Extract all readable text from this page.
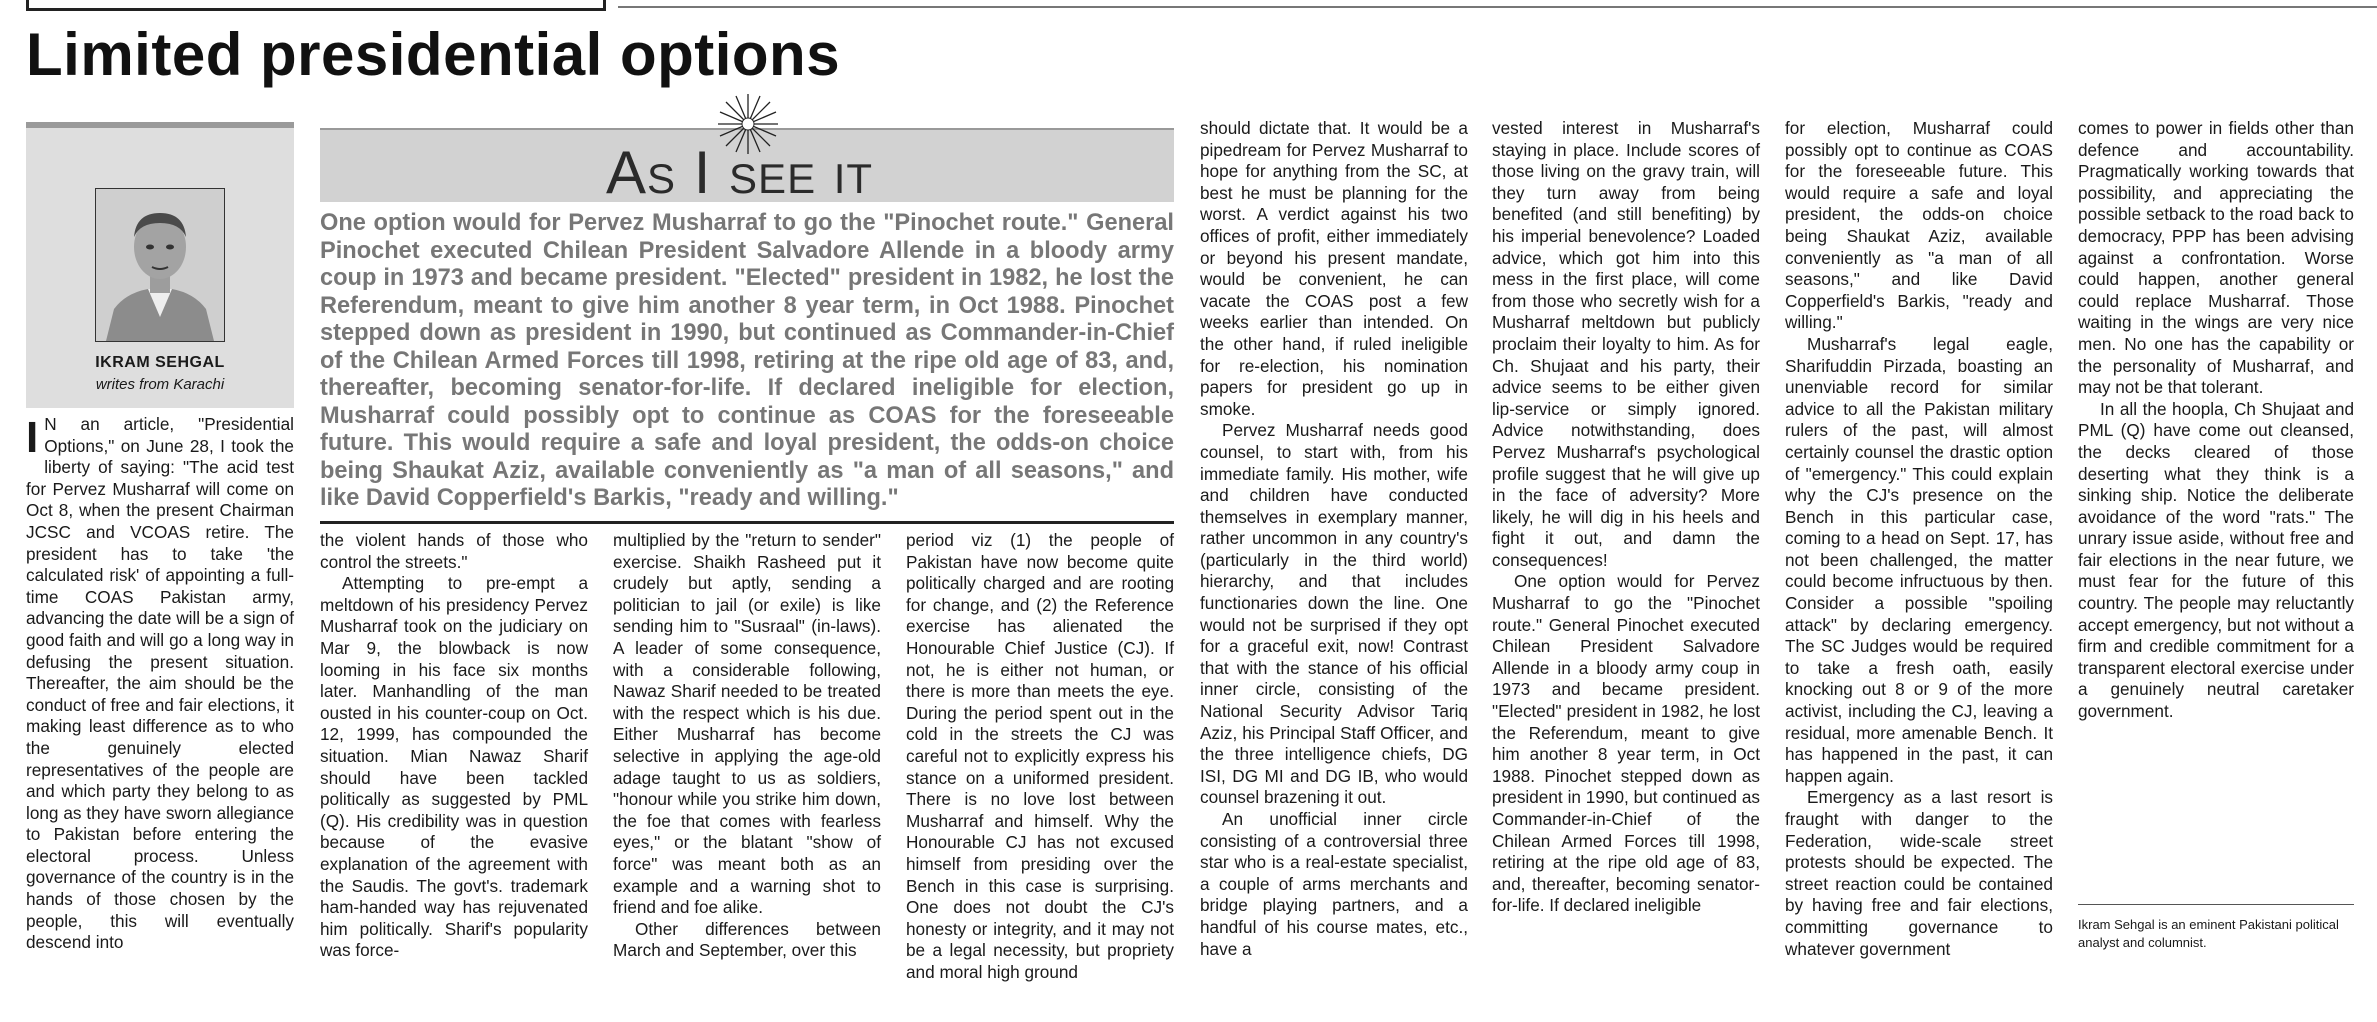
Limited presidential options
IKRAM SEHGAL
writes from Karachi
As I see it
One option would for Pervez Musharraf to go the "Pinochet route." General Pinochet executed Chilean President Salvadore Allende in a bloody army coup in 1973 and became president. "Elected" president in 1982, he lost the Referendum, meant to give him another 8 year term, in Oct 1988. Pinochet stepped down as president in 1990, but continued as Commander-in-Chief of the Chilean Armed Forces till 1998, retiring at the ripe old age of 83, and, thereafter, becoming senator-for-life. If declared ineligible for election, Musharraf could possibly opt to continue as COAS for the foreseeable future. This would require a safe and loyal president, the odds-on choice being Shaukat Aziz, available conveniently as "a man of all seasons," and like David Copperfield's Barkis, "ready and willing."

I N an article, "Presidential Options," on June 28, I took the liberty of saying: "The acid test for Pervez Musharraf will come on Oct 8, when the present Chairman JCSC and VCOAS retire. The president has to take 'the calculated risk' of appointing a full-time COAS Pakistan army, advancing the date will be a sign of good faith and will go a long way in defusing the present situation. Thereafter, the aim should be the conduct of free and fair elections, it making least difference as to who the genuinely elected representatives of the people are and which party they belong to as long as they have sworn allegiance to Pakistan before entering the electoral process. Unless governance of the country is in the hands of those chosen by the people, this will eventually descend into

the violent hands of those who control the streets."

Attempting to pre-empt a meltdown of his presidency Pervez Musharraf took on the judiciary on Mar 9, the blowback is now looming in his face six months later. Manhandling of the man ousted in his counter-coup on Oct. 12, 1999, has compounded the situation. Mian Nawaz Sharif should have been tackled politically as suggested by PML (Q). His credibility was in question because of the evasive explanation of the agreement with the Saudis. The govt's. trademark ham-handed way has rejuvenated him politically. Sharif's popularity was force-

multiplied by the "return to sender" exercise. Shaikh Rasheed put it crudely but aptly, sending a politician to jail (or exile) is like sending him to "Susraal" (in-laws). A leader of some consequence, with a considerable following, Nawaz Sharif needed to be treated with the respect which is his due. Either Musharraf has become selective in applying the age-old adage taught to us as soldiers, "honour while you strike him down, the foe that comes with fearless eyes," or the blatant "show of force" was meant both as an example and a warning shot to friend and foe alike.

Other differences between March and September, over this

period viz (1) the people of Pakistan have now become quite politically charged and are rooting for change, and (2) the Reference exercise has alienated the Honourable Chief Justice (CJ). If not, he is either not human, or there is more than meets the eye. During the period spent out in the cold in the streets the CJ was careful not to explicitly express his stance on a uniformed president. There is no love lost between Musharraf and himself. Why the Honourable CJ has not excused himself from presiding over the Bench in this case is surprising. One does not doubt the CJ's honesty or integrity, and it may not be a legal necessity, but propriety and moral high ground

should dictate that. It would be a pipedream for Pervez Musharraf to hope for anything from the SC, at best he must be planning for the worst. A verdict against his two offices of profit, either immediately or beyond his present mandate, would be convenient, he can vacate the COAS post a few weeks earlier than intended. On the other hand, if ruled ineligible for re-election, his nomination papers for president go up in smoke.

Pervez Musharraf needs good counsel, to start with, from his immediate family. His mother, wife and children have conducted themselves in exemplary manner, rather uncommon in any country's (particularly in the third world) hierarchy, and that includes functionaries down the line. One would not be surprised if they opt for a graceful exit, now! Contrast that with the stance of his official inner circle, consisting of the National Security Advisor Tariq Aziz, his Principal Staff Officer, and the three intelligence chiefs, DG ISI, DG MI and DG IB, who would counsel brazening it out.

An unofficial inner circle consisting of a controversial three star who is a real-estate specialist, a couple of arms merchants and bridge playing partners, and a handful of his course mates, etc., have a

vested interest in Musharraf's staying in place. Include scores of those living on the gravy train, will they turn away from being benefited (and still benefiting) by his imperial benevolence? Loaded advice, which got him into this mess in the first place, will come from those who secretly wish for a Musharraf meltdown but publicly proclaim their loyalty to him. As for Ch. Shujaat and his party, their advice seems to be either given lip-service or simply ignored. Advice notwithstanding, does Pervez Musharraf's psychological profile suggest that he will give up in the face of adversity? More likely, he will dig in his heels and fight it out, and damn the consequences!

One option would for Pervez Musharraf to go the "Pinochet route." General Pinochet executed Chilean President Salvadore Allende in a bloody army coup in 1973 and became president. "Elected" president in 1982, he lost the Referendum, meant to give him another 8 year term, in Oct 1988. Pinochet stepped down as president in 1990, but continued as Commander-in-Chief of the Chilean Armed Forces till 1998, retiring at the ripe old age of 83, and, thereafter, becoming senator-for-life. If declared ineligible

for election, Musharraf could possibly opt to continue as COAS for the foreseeable future. This would require a safe and loyal president, the odds-on choice being Shaukat Aziz, available conveniently as "a man of all seasons," and like David Copperfield's Barkis, "ready and willing."

Musharraf's legal eagle, Sharifuddin Pirzada, boasting an unenviable record for similar advice to all the Pakistan military rulers of the past, will almost certainly counsel the drastic option of "emergency." This could explain why the CJ's presence on the Bench in this particular case, coming to a head on Sept. 17, has not been challenged, the matter could become infructuous by then. Consider a possible "spoiling attack" by declaring emergency. The SC Judges would be required to take a fresh oath, easily knocking out 8 or 9 of the more activist, including the CJ, leaving a residual, more amenable Bench. It has happened in the past, it can happen again.

Emergency as a last resort is fraught with danger to the Federation, wide-scale street protests should be expected. The street reaction could be contained by having free and fair elections, committing governance to whatever government

comes to power in fields other than defence and accountability. Pragmatically working towards that possibility, and appreciating the possible setback to the road back to democracy, PPP has been advising against a confrontation. Worse could happen, another general could replace Musharraf. Those waiting in the wings are very nice men. No one has the capability or the personality of Musharraf, and may not be that tolerant.

In all the hoopla, Ch Shujaat and PML (Q) have come out cleansed, the decks cleared of those deserting what they think is a sinking ship. Notice the deliberate avoidance of the word "rats." The unrary issue aside, without free and fair elections in the near future, we must fear for the future of this country. The people may reluctantly accept emergency, but not without a firm and credible commitment for a transparent electoral exercise under a genuinely neutral caretaker government.

Ikram Sehgal is an eminent Pakistani political analyst and columnist.
